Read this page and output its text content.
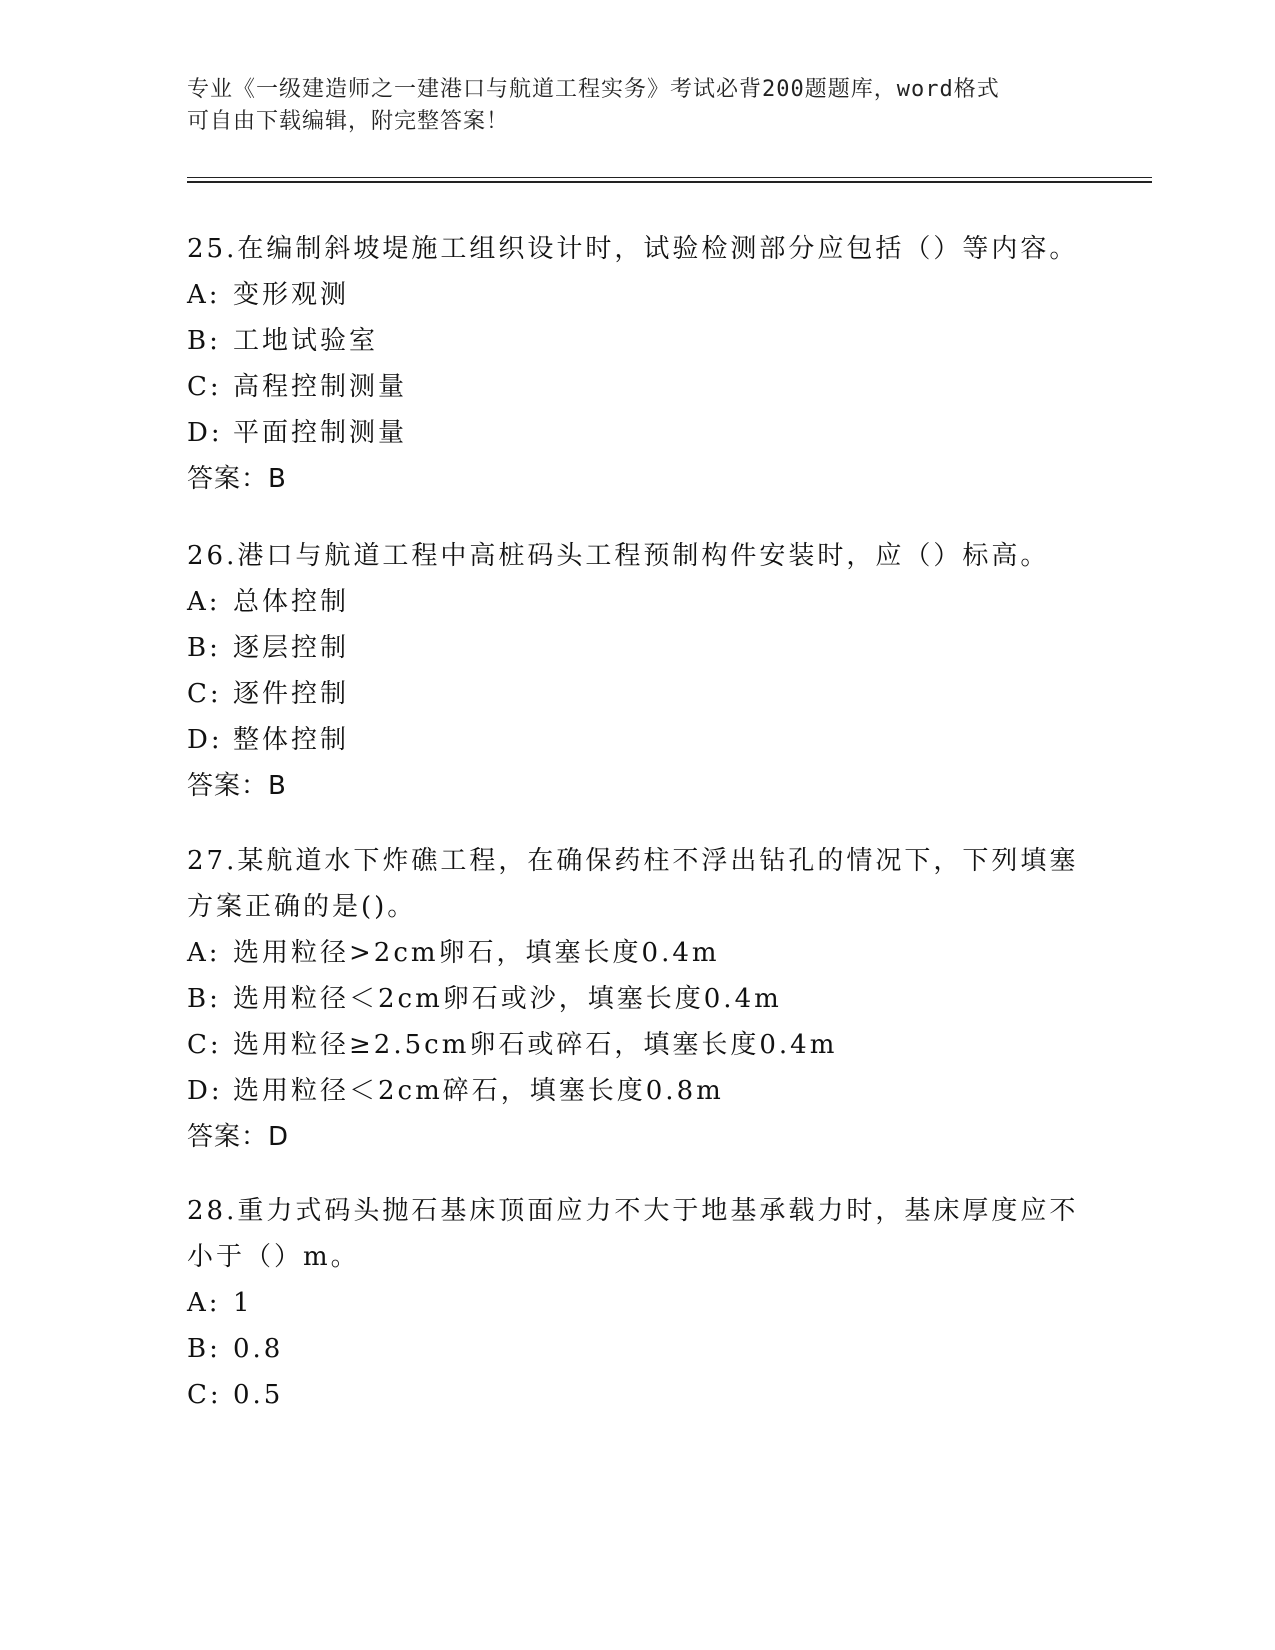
专业《一级建造师之一建港口与航道工程实务》考试必背200题题库，word格式
可自由下载编辑，附完整答案！
25.在编制斜坡堤施工组织设计时，试验检测部分应包括（）等内容。
A: 变形观测
B: 工地试验室
C: 高程控制测量
D: 平面控制测量
答案：B
26.港口与航道工程中高桩码头工程预制构件安装时，应（）标高。
A: 总体控制
B: 逐层控制
C: 逐件控制
D: 整体控制
答案：B
27.某航道水下炸礁工程，在确保药柱不浮出钻孔的情况下，下列填塞
方案正确的是()。
A: 选用粒径>2cm卵石，填塞长度0.4m
B: 选用粒径＜2cm卵石或沙，填塞长度0.4m
C: 选用粒径≥2.5cm卵石或碎石，填塞长度0.4m
D: 选用粒径＜2cm碎石，填塞长度0.8m
答案：D
28.重力式码头抛石基床顶面应力不大于地基承载力时，基床厚度应不
小于（）m。
A: 1
B: 0.8
C: 0.5
